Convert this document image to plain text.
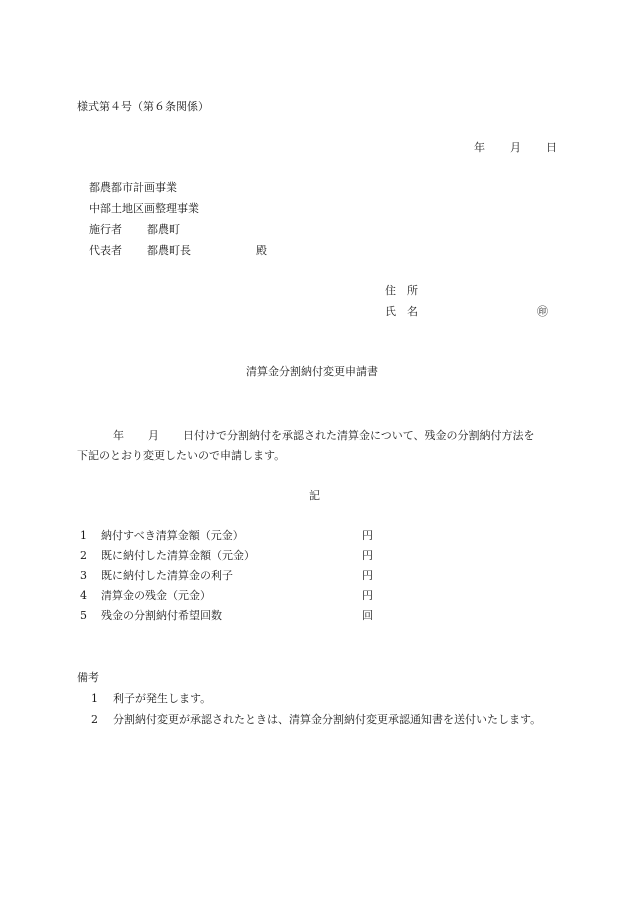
様式第４号（第６条関係）
年 月 日
都農都市計画事業
中部土地区画整理事業
施行者 都農町
代表者 都農町長	殿
住　所
氏　名	㊞
清算金分割納付変更申請書
年 月 日付けで分割納付を承認された清算金について、残金の分割納付方法を
下記のとおり変更したいので申請します。
記
1 納付すべき清算金額（元金）	円
2 既に納付した清算金額（元金）	円
3 既に納付した清算金の利子	円
4 清算金の残金（元金）	円
5 残金の分割納付希望回数	回
備考
1 利子が発生します。
2 分割納付変更が承認されたときは、清算金分割納付変更承認通知書を送付いたします。
